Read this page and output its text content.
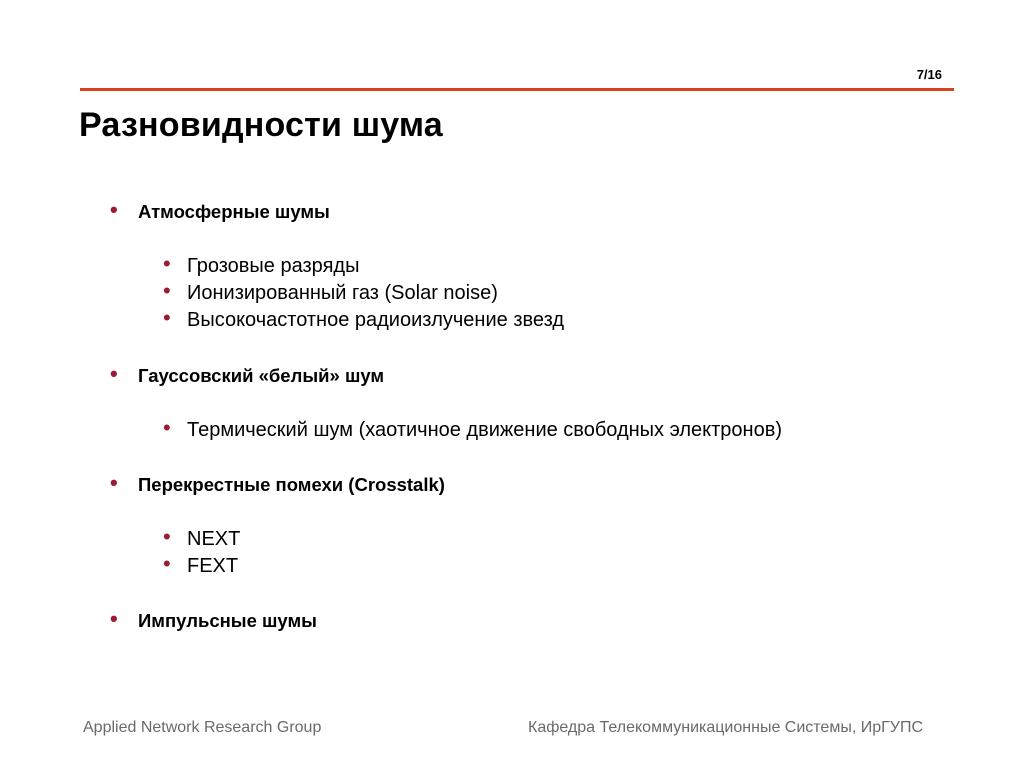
7/16
Разновидности шума
• Атмосферные шумы
• Грозовые разряды
• Ионизированный газ (Solar noise)
• Высокочастотное радиоизлучение звезд
• Гауссовский «белый» шум
• Термический шум (хаотичное движение свободных электронов)
• Перекрестные помехи (Crosstalk)
• NEXT
• FEXT
• Импульсные шумы
Applied Network Research Group	Кафедра Телекоммуникационные Системы, ИрГУПС
